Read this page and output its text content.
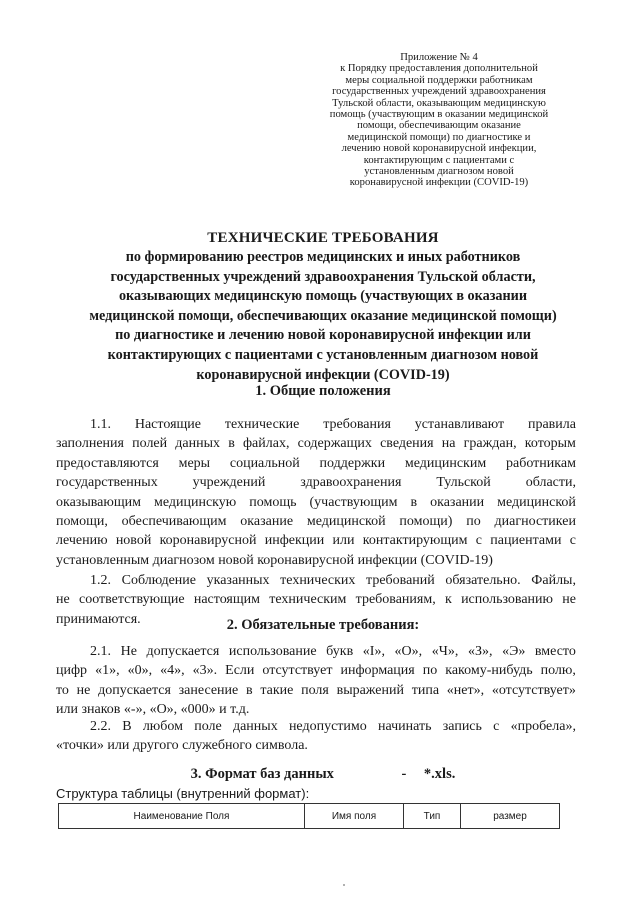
Приложение № 4
к Порядку предоставления дополнительной
меры социальной поддержки работникам
государственных учреждений здравоохранения
Тульской области, оказывающим медицинскую
помощь (участвующим в оказании медицинской
помощи, обеспечивающим оказание
медицинской помощи) по диагностике и
лечению новой коронавирусной инфекции,
контактирующим с пациентами с
установленным диагнозом новой
коронавирусной инфекции (COVID-19)
ТЕХНИЧЕСКИЕ ТРЕБОВАНИЯ
по формированию реестров медицинских и иных работников
государственных учреждений здравоохранения Тульской области,
оказывающих медицинскую помощь (участвующих в оказании
медицинской помощи, обеспечивающих оказание медицинской помощи)
по диагностике и лечению новой коронавирусной инфекции или
контактирующих с пациентами с установленным диагнозом новой
коронавирусной инфекции (COVID-19)
1. Общие положения
1.1. Настоящие технические требования устанавливают правила
заполнения полей данных в файлах, содержащих сведения на граждан, которым
предоставляются меры социальной поддержки медицинским работникам
государственных учреждений здравоохранения Тульской области,
оказывающим медицинскую помощь (участвующим в оказании медицинской
помощи, обеспечивающим оказание медицинской помощи) по диагностикеи
лечению новой коронавирусной инфекции или контактирующим с пациентами с
установленным диагнозом новой коронавирусной инфекции (COVID-19)
1.2. Соблюдение указанных технических требований обязательно. Файлы,
не соответствующие настоящим техническим требованиям, к использованию не
принимаются.	2. Обязательные требования:
2.1. Не допускается использование букв «І», «О», «Ч», «З», «Э» вместо
цифр «1», «0», «4», «3». Если отсутствует информация по какому-нибудь полю,
то не допускается занесение в такие поля выражений типа «нет», «отсутствует»
или знаков «-», «О», «000» и т.д.
2.2. В любом поле данных недопустимо начинать запись с «пробела»,
«точки» или другого служебного символа.
3. Формат баз данных	- *.xls.
Структура таблицы (внутренний формат):
Наименование Поля	Имя поля	Тип	размер
